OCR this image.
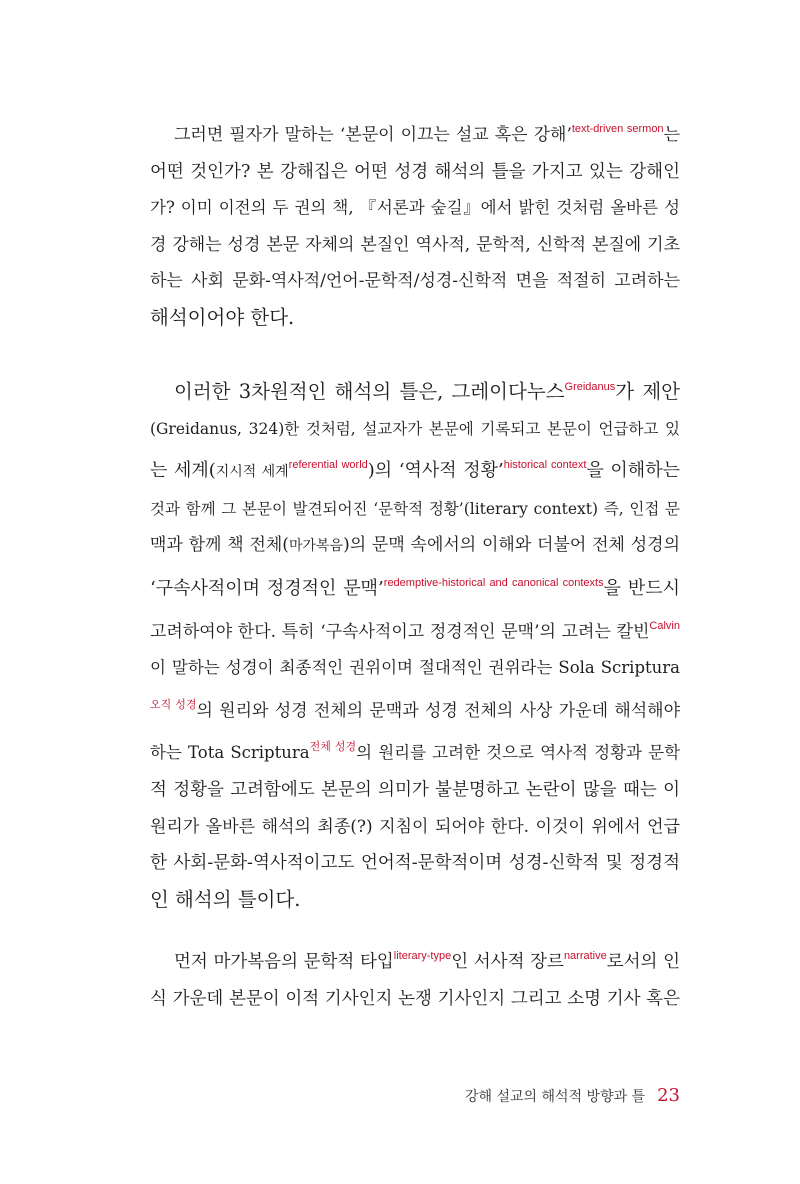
그러면 필자가 말하는 ‘본문이 이끄는 설교 혹은 강해’$^{text-driven sermon}$는
어떤 것인가? 본 강해집은 어떤 성경 해석의 틀을 가지고 있는 강해인
가? 이미 이전의 두 권의 책, 『서론과 숲길』에서 밝힌 것처럼 올바른 성
경 강해는 성경 본문 자체의 본질인 역사적, 문학적, 신학적 본질에 기초
하는 사회 문화-역사적/언어-문학적/성경-신학적 면을 적절히 고려하는
해석이어야 한다.
이러한 3차원적인 해석의 틀은, 그레이다누스$^{Greidanus}$가 제안
(Greidanus, 324)한 것처럼, 설교자가 본문에 기록되고 본문이 언급하고 있
는 세계(지시적 세계$^{referential world}$)의 ‘역사적 정황’$^{historical context}$을 이해하는
것과 함께 그 본문이 발견되어진 ‘문학적 정황’(literary context) 즉, 인접 문
맥과 함께 책 전체(마가복음)의 문맥 속에서의 이해와 더불어 전체 성경의
‘구속사적이며 정경적인 문맥’$^{redemptive-historical and canonical contexts}$을 반드시
고려하여야 한다. 특히 ‘구속사적이고 정경적인 문맥’의 고려는 칼빈$^{Calvin}$
이 말하는 성경이 최종적인 권위이며 절대적인 권위라는 Sola Scriptura
$^{오직 성경}$의 원리와 성경 전체의 문맥과 성경 전체의 사상 가운데 해석해야
하는 Tota Scriptura$^{전체 성경}$의 원리를 고려한 것으로 역사적 정황과 문학
적 정황을 고려함에도 본문의 의미가 불분명하고 논란이 많을 때는 이
원리가 올바른 해석의 최종(?) 지침이 되어야 한다. 이것이 위에서 언급
한 사회-문화-역사적이고도 언어적-문학적이며 성경-신학적 및 정경적
인 해석의 틀이다.
먼저 마가복음의 문학적 타입$^{literary-type}$인 서사적 장르$^{narrative}$로서의 인
식 가운데 본문이 이적 기사인지 논쟁 기사인지 그리고 소명 기사 혹은
강해 설교의 해석적 방향과 틀 23
